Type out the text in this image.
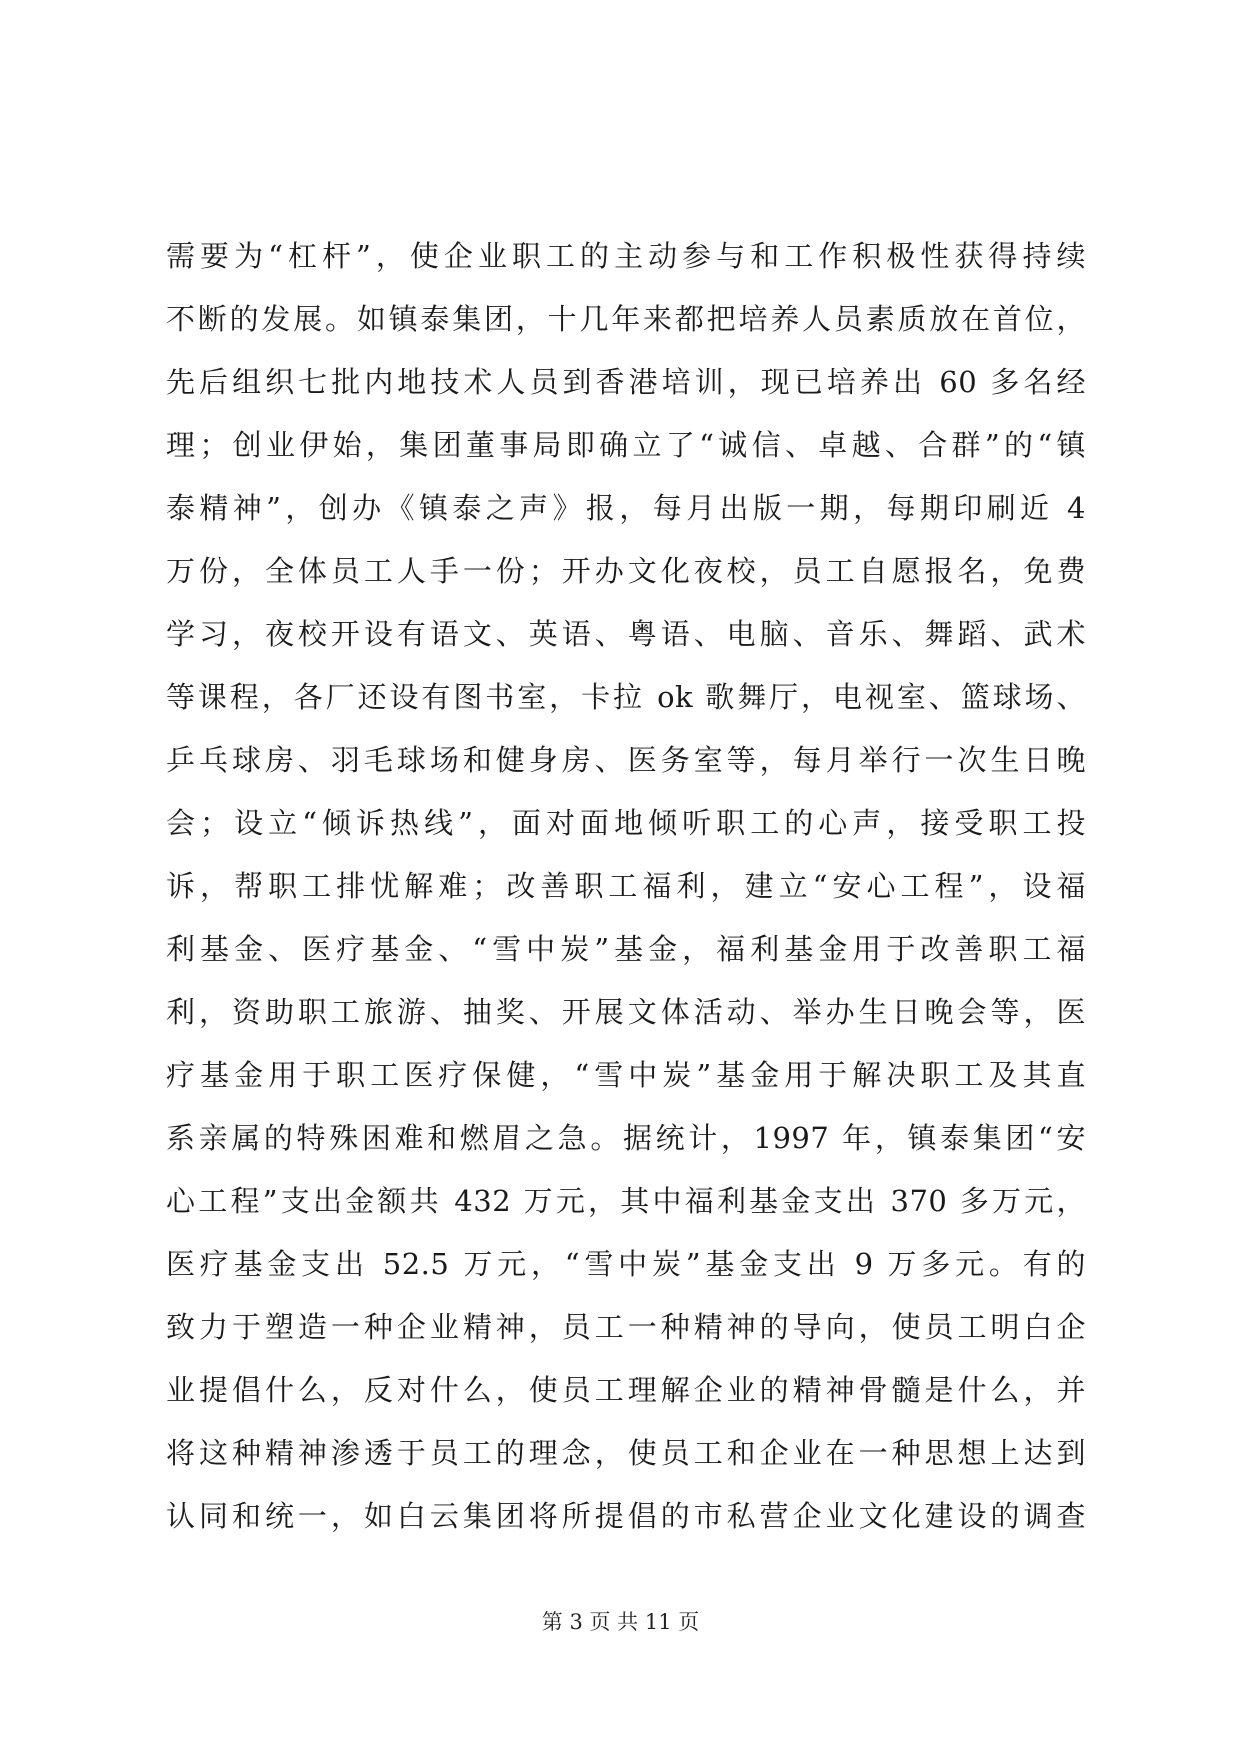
需要为“杠杆”，使企业职工的主动参与和工作积极性获得持续
不断的发展。如镇泰集团，十几年来都把培养人员素质放在首位，
先后组织七批内地技术人员到香港培训，现已培养出 60 多名经
理；创业伊始，集团董事局即确立了“诚信、卓越、合群”的“镇
泰精神”，创办《镇泰之声》报，每月出版一期，每期印刷近 4
万份，全体员工人手一份；开办文化夜校，员工自愿报名，免费
学习，夜校开设有语文、英语、粤语、电脑、音乐、舞蹈、武术
等课程，各厂还设有图书室，卡拉 ok 歌舞厅，电视室、篮球场、
乒乓球房、羽毛球场和健身房、医务室等，每月举行一次生日晚
会；设立“倾诉热线”，面对面地倾听职工的心声，接受职工投
诉，帮职工排忧解难；改善职工福利，建立“安心工程”，设福
利基金、医疗基金、“雪中炭”基金，福利基金用于改善职工福
利，资助职工旅游、抽奖、开展文体活动、举办生日晚会等，医
疗基金用于职工医疗保健，“雪中炭”基金用于解决职工及其直
系亲属的特殊困难和燃眉之急。据统计，1997 年，镇泰集团“安
心工程”支出金额共 432 万元，其中福利基金支出 370 多万元，
医疗基金支出 52.5 万元，“雪中炭”基金支出 9 万多元。有的
致力于塑造一种企业精神，员工一种精神的导向，使员工明白企
业提倡什么，反对什么，使员工理解企业的精神骨髓是什么，并
将这种精神渗透于员工的理念，使员工和企业在一种思想上达到
认同和统一，如白云集团将所提倡的市私营企业文化建设的调查
第 3 页 共 11 页
